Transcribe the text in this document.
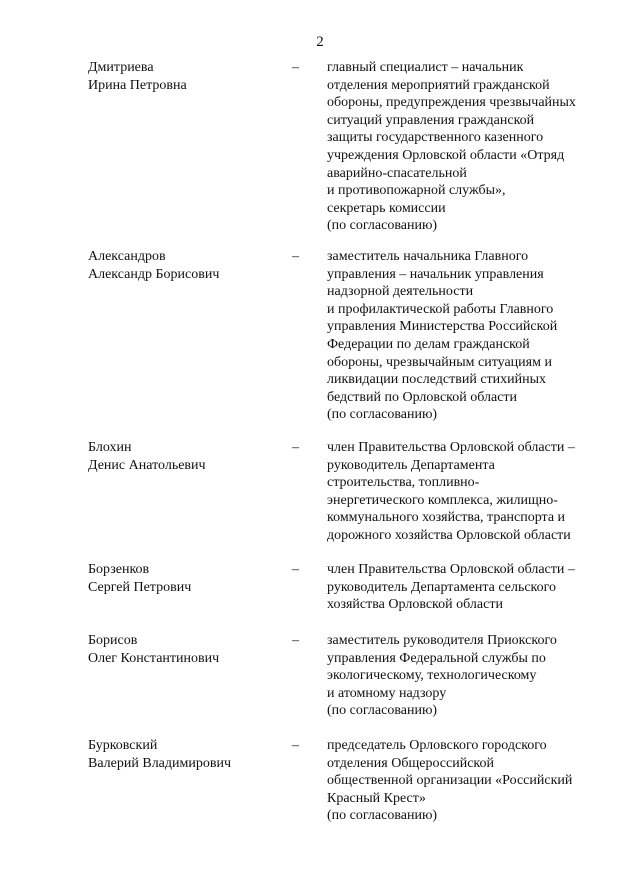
2
Дмитриева
Ирина Петровна
– главный специалист – начальник
отделения мероприятий гражданской
обороны, предупреждения чрезвычайных
ситуаций управления гражданской
защиты государственного казенного
учреждения Орловской области «Отряд
аварийно-спасательной
и противопожарной службы»,
секретарь комиссии
(по согласованию)
Александров
Александр Борисович
– заместитель начальника Главного
управления – начальник управления
надзорной деятельности
и профилактической работы Главного
управления Министерства Российской
Федерации по делам гражданской
обороны, чрезвычайным ситуациям и
ликвидации последствий стихийных
бедствий по Орловской области
(по согласованию)
Блохин
Денис Анатольевич
– член Правительства Орловской области –
руководитель Департамента
строительства, топливно-
энергетического комплекса, жилищно-
коммунального хозяйства, транспорта и
дорожного хозяйства Орловской области
Борзенков
Сергей Петрович
– член Правительства Орловской области –
руководитель Департамента сельского
хозяйства Орловской области
Борисов
Олег Константинович
– заместитель руководителя Приокского
управления Федеральной службы по
экологическому, технологическому
и атомному надзору
(по согласованию)
Бурковский
Валерий Владимирович
– председатель Орловского городского
отделения Общероссийской
общественной организации «Российский
Красный Крест»
(по согласованию)
